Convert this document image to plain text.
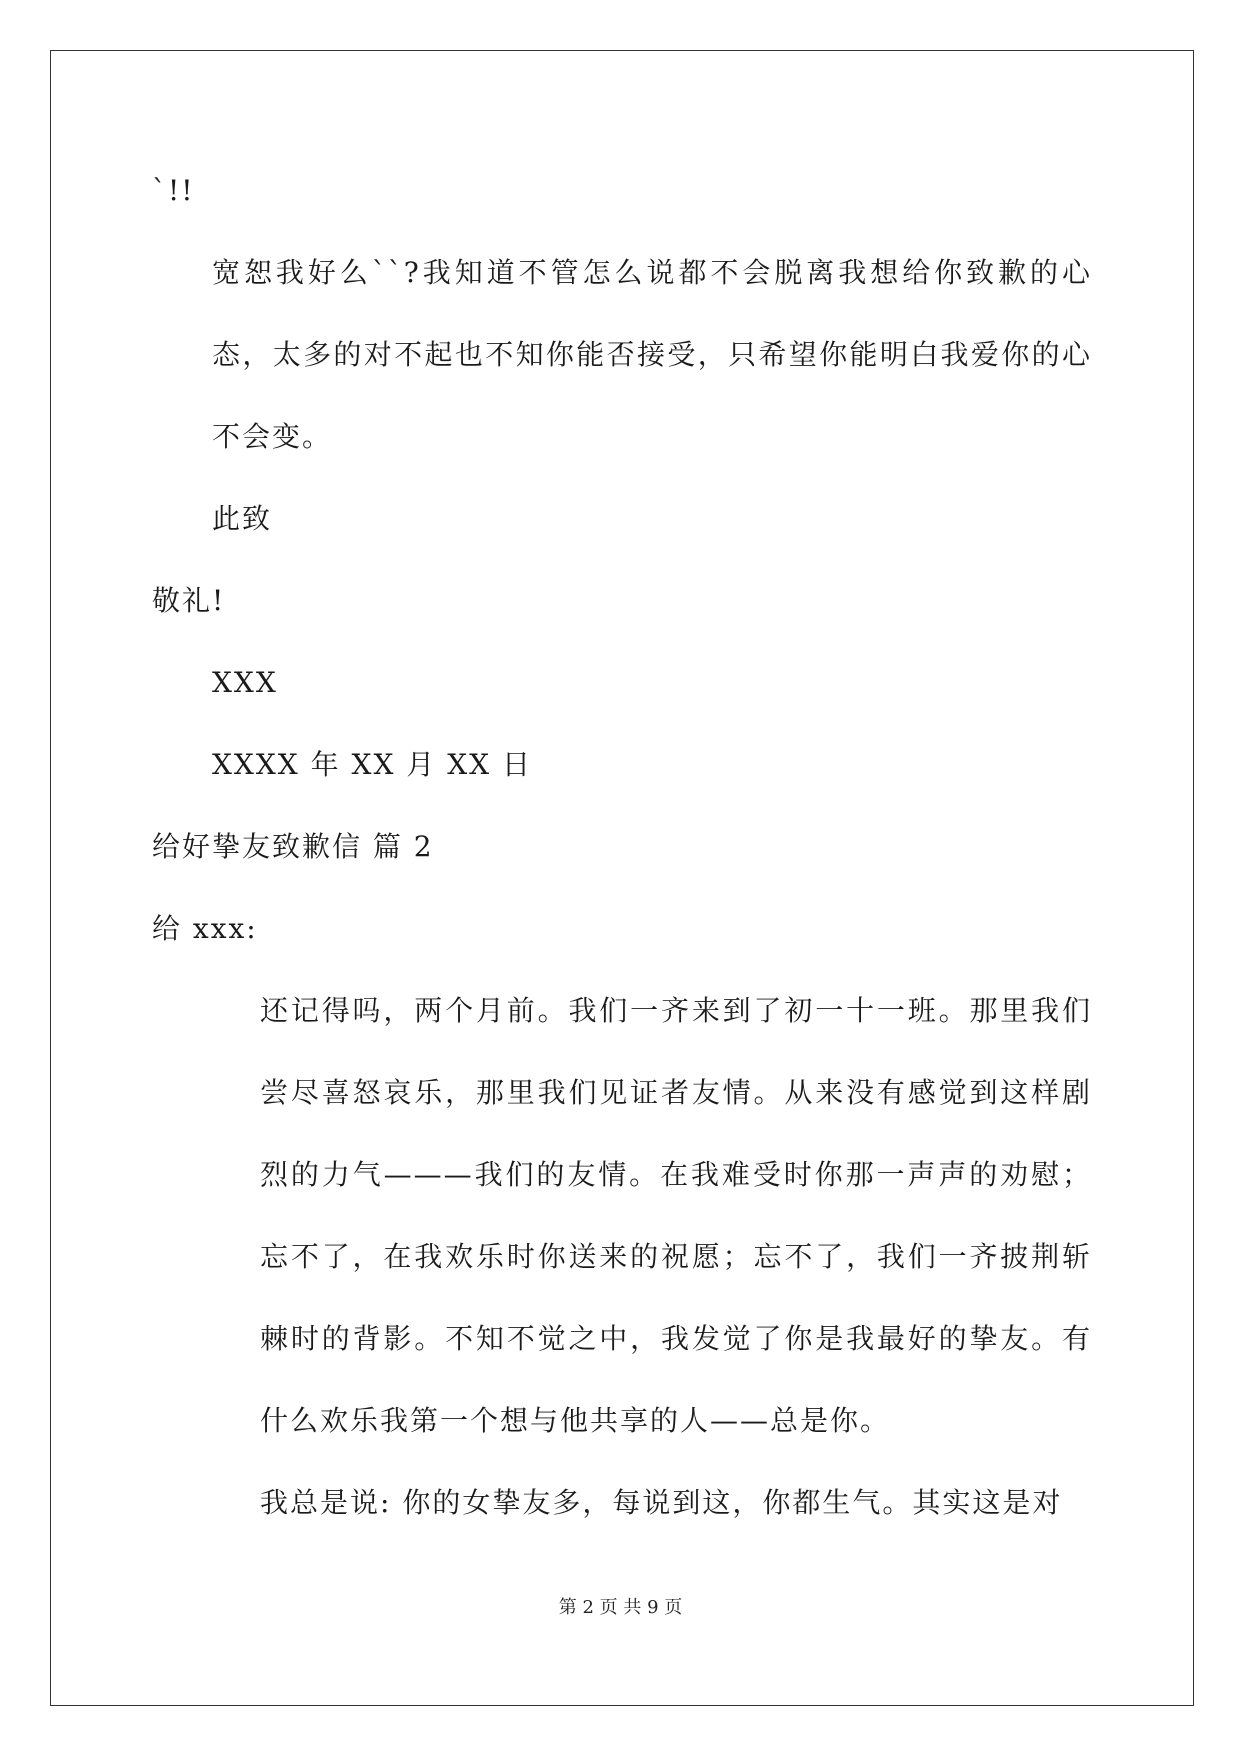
`!!
宽恕我好么``?我知道不管怎么说都不会脱离我想给你致歉的心态，太多的对不起也不知你能否接受，只希望你能明白我爱你的心不会变。
此致
敬礼!
XXX
XXXX 年 XX 月 XX 日
给好挚友致歉信 篇 2
给 xxx:
还记得吗，两个月前。我们一齐来到了初一十一班。那里我们尝尽喜怒哀乐，那里我们见证者友情。从来没有感觉到这样剧烈的力气———我们的友情。在我难受时你那一声声的劝慰；忘不了，在我欢乐时你送来的祝愿；忘不了，我们一齐披荆斩棘时的背影。不知不觉之中，我发觉了你是我最好的挚友。有什么欢乐我第一个想与他共享的人——总是你。
我总是说: 你的女挚友多，每说到这，你都生气。其实这是对
第 2 页 共 9 页
